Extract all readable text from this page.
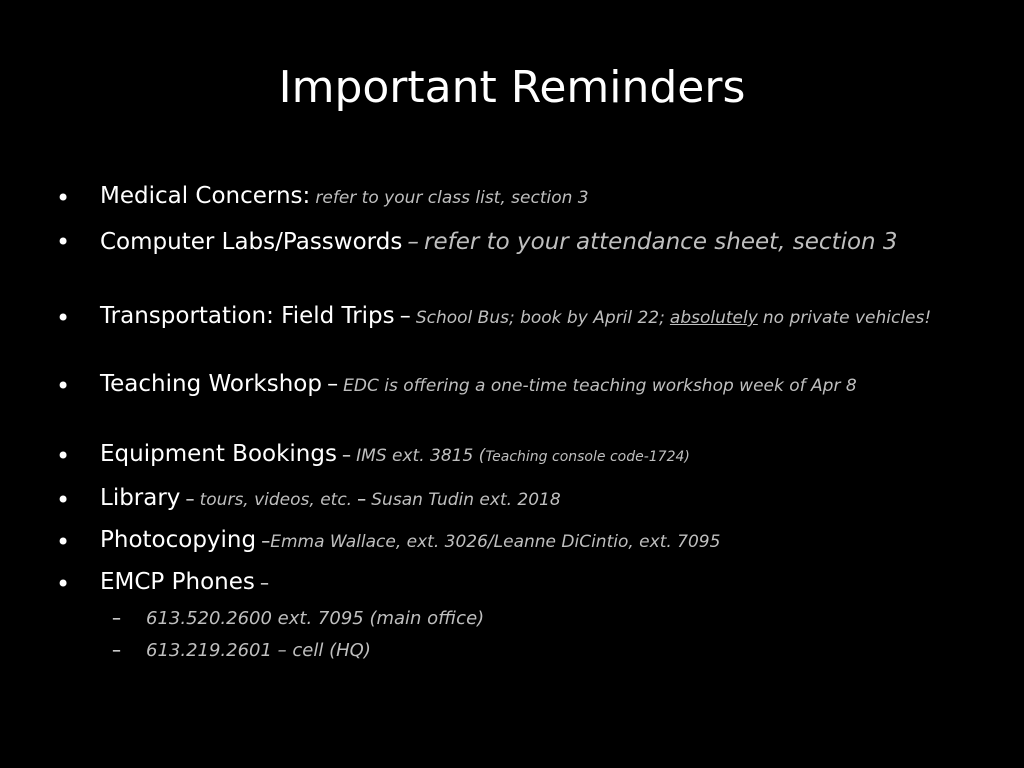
Important Reminders
• Medical Concerns: refer to your class list, section 3
• Computer Labs/Passwords – refer to your attendance sheet, section 3
• Transportation: Field Trips – School Bus; book by April 22; absolutely no private vehicles!
• Teaching Workshop – EDC is offering a one-time teaching workshop week of Apr 8
• Equipment Bookings – IMS ext. 3815 (Teaching console code-1724)
• Library – tours, videos, etc. – Susan Tudin ext. 2018
• Photocopying –Emma Wallace, ext. 3026/Leanne DiCintio, ext. 7095
• EMCP Phones –
– 613.520.2600 ext. 7095 (main office)
– 613.219.2601 – cell (HQ)
